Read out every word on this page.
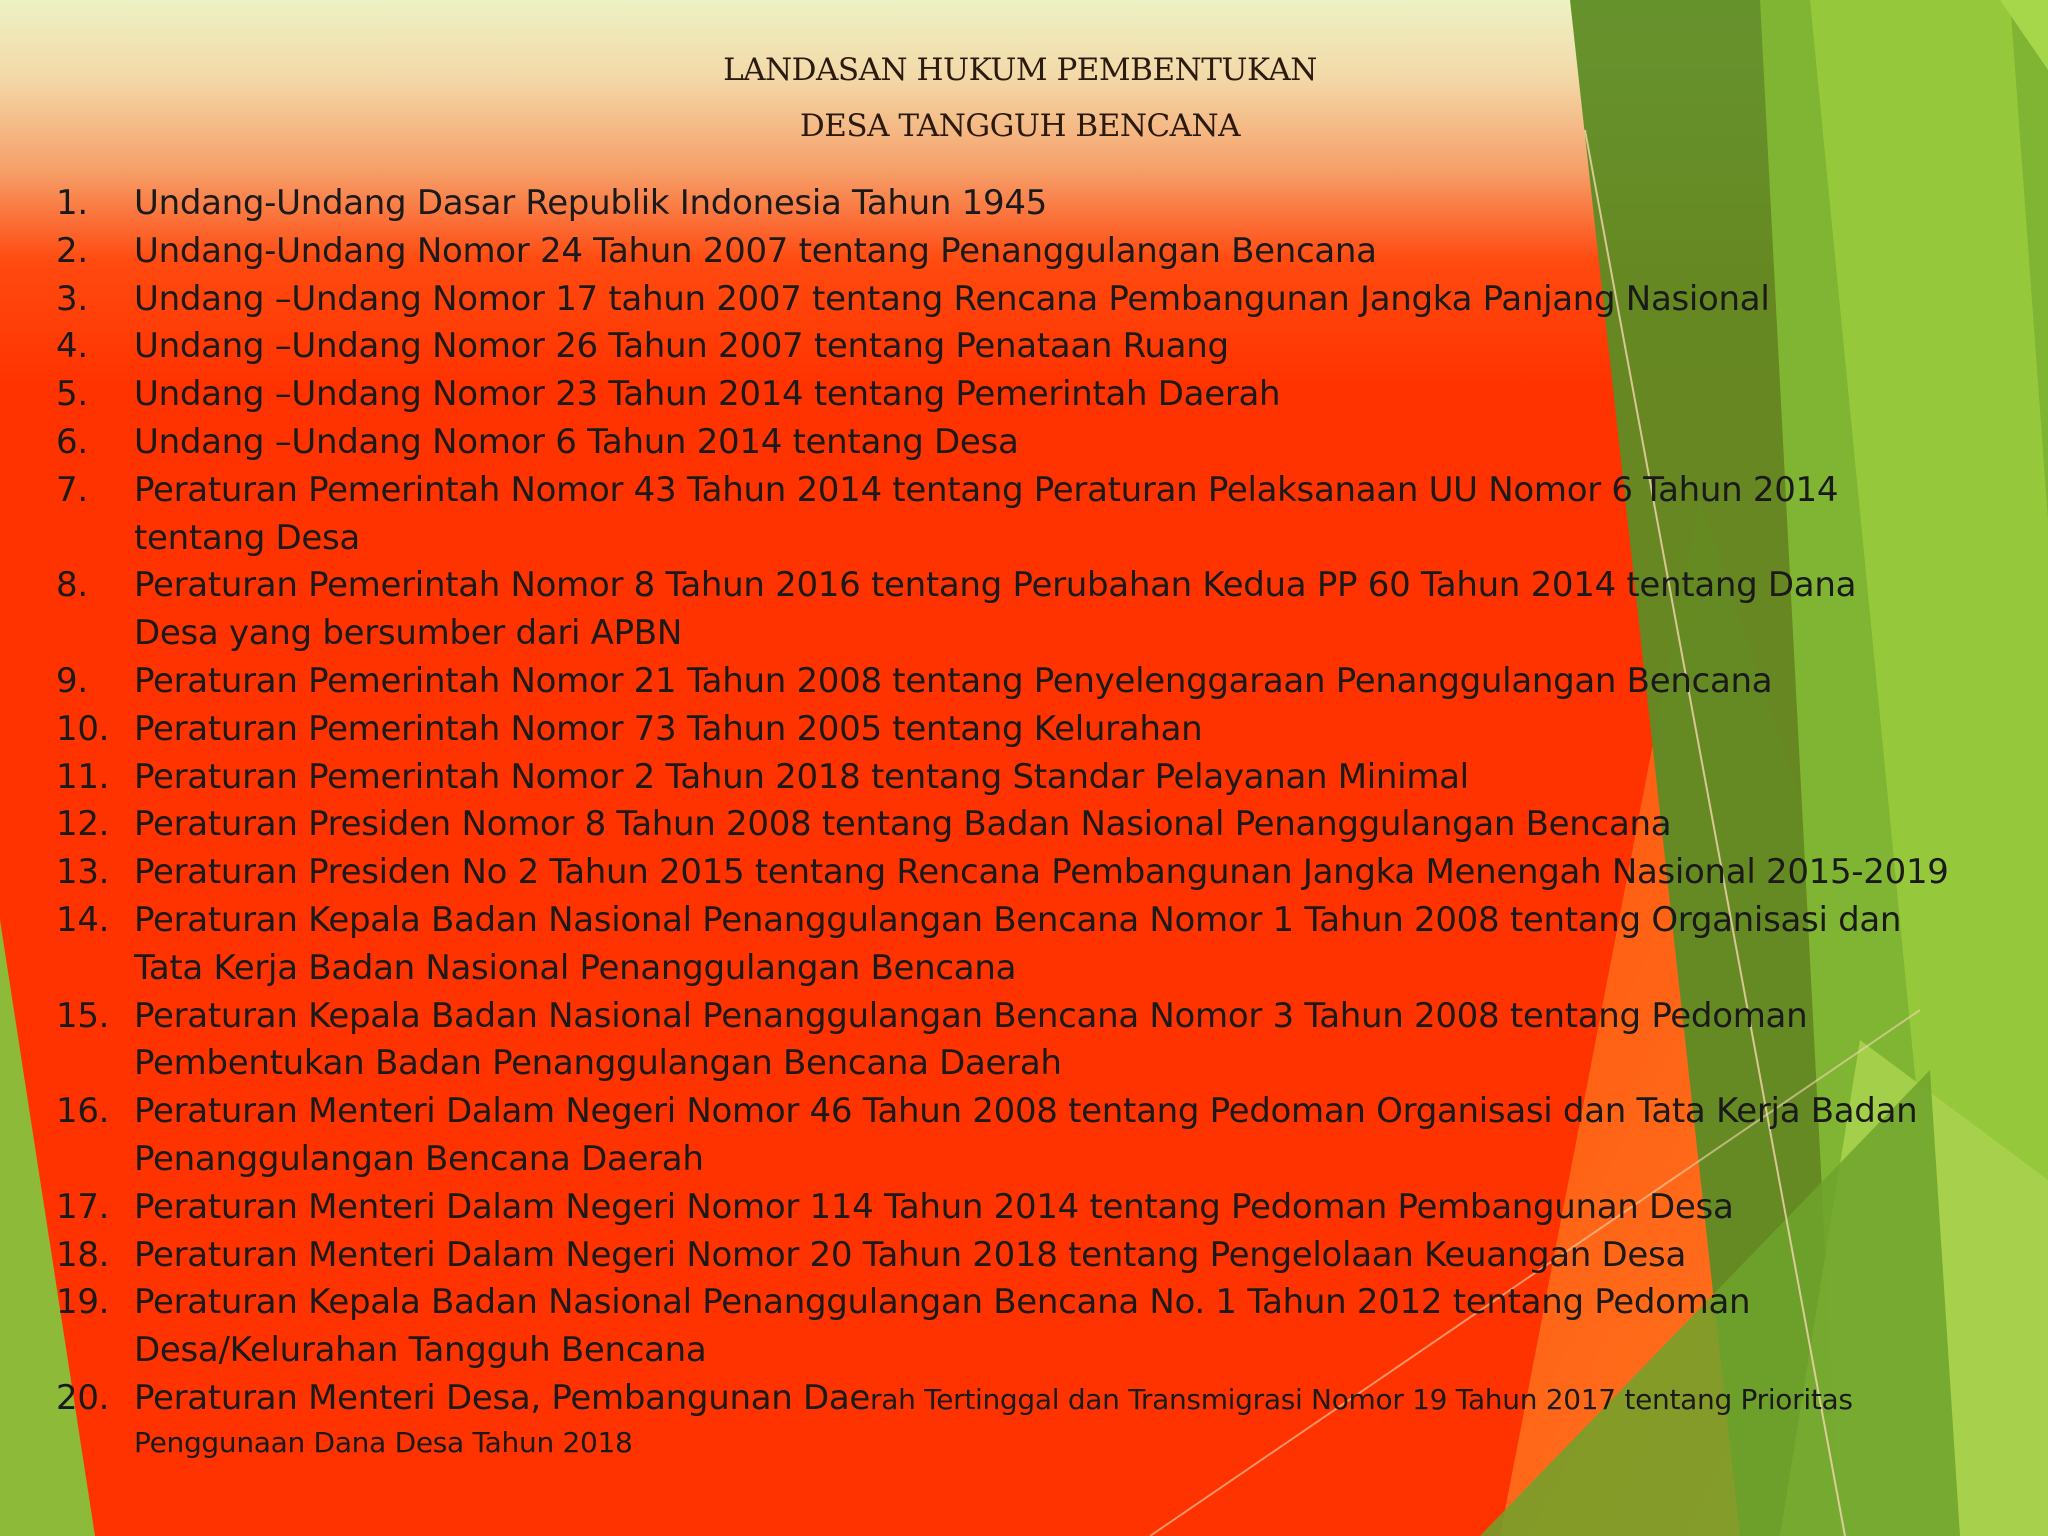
LANDASAN HUKUM PEMBENTUKAN
DESA TANGGUH BENCANA
1. Undang-Undang Dasar Republik Indonesia Tahun 1945
2. Undang-Undang Nomor 24 Tahun 2007 tentang Penanggulangan Bencana
3. Undang –Undang Nomor 17 tahun 2007 tentang Rencana Pembangunan Jangka Panjang Nasional
4. Undang –Undang Nomor 26 Tahun 2007 tentang Penataan Ruang
5. Undang –Undang Nomor 23 Tahun 2014 tentang Pemerintah Daerah
6. Undang –Undang Nomor 6 Tahun 2014 tentang Desa
7. Peraturan Pemerintah Nomor 43 Tahun 2014 tentang Peraturan Pelaksanaan UU Nomor 6 Tahun 2014
tentang Desa
8. Peraturan Pemerintah Nomor 8 Tahun 2016 tentang Perubahan Kedua PP 60 Tahun 2014 tentang Dana
Desa yang bersumber dari APBN
9. Peraturan Pemerintah Nomor 21 Tahun 2008 tentang Penyelenggaraan Penanggulangan Bencana
10. Peraturan Pemerintah Nomor 73 Tahun 2005 tentang Kelurahan
11. Peraturan Pemerintah Nomor 2 Tahun 2018 tentang Standar Pelayanan Minimal
12. Peraturan Presiden Nomor 8 Tahun 2008 tentang Badan Nasional Penanggulangan Bencana
13. Peraturan Presiden No 2 Tahun 2015 tentang Rencana Pembangunan Jangka Menengah Nasional 2015-2019
14. Peraturan Kepala Badan Nasional Penanggulangan Bencana Nomor 1 Tahun 2008 tentang Organisasi dan
Tata Kerja Badan Nasional Penanggulangan Bencana
15. Peraturan Kepala Badan Nasional Penanggulangan Bencana Nomor 3 Tahun 2008 tentang Pedoman
Pembentukan Badan Penanggulangan Bencana Daerah
16. Peraturan Menteri Dalam Negeri Nomor 46 Tahun 2008 tentang Pedoman Organisasi dan Tata Kerja Badan
Penanggulangan Bencana Daerah
17. Peraturan Menteri Dalam Negeri Nomor 114 Tahun 2014 tentang Pedoman Pembangunan Desa
18. Peraturan Menteri Dalam Negeri Nomor 20 Tahun 2018 tentang Pengelolaan Keuangan Desa
19. Peraturan Kepala Badan Nasional Penanggulangan Bencana No. 1 Tahun 2012 tentang Pedoman
Desa/Kelurahan Tangguh Bencana
20. Peraturan Menteri Desa, Pembangunan Daerah Tertinggal dan Transmigrasi Nomor 19 Tahun 2017 tentang Prioritas
Penggunaan Dana Desa Tahun 2018
